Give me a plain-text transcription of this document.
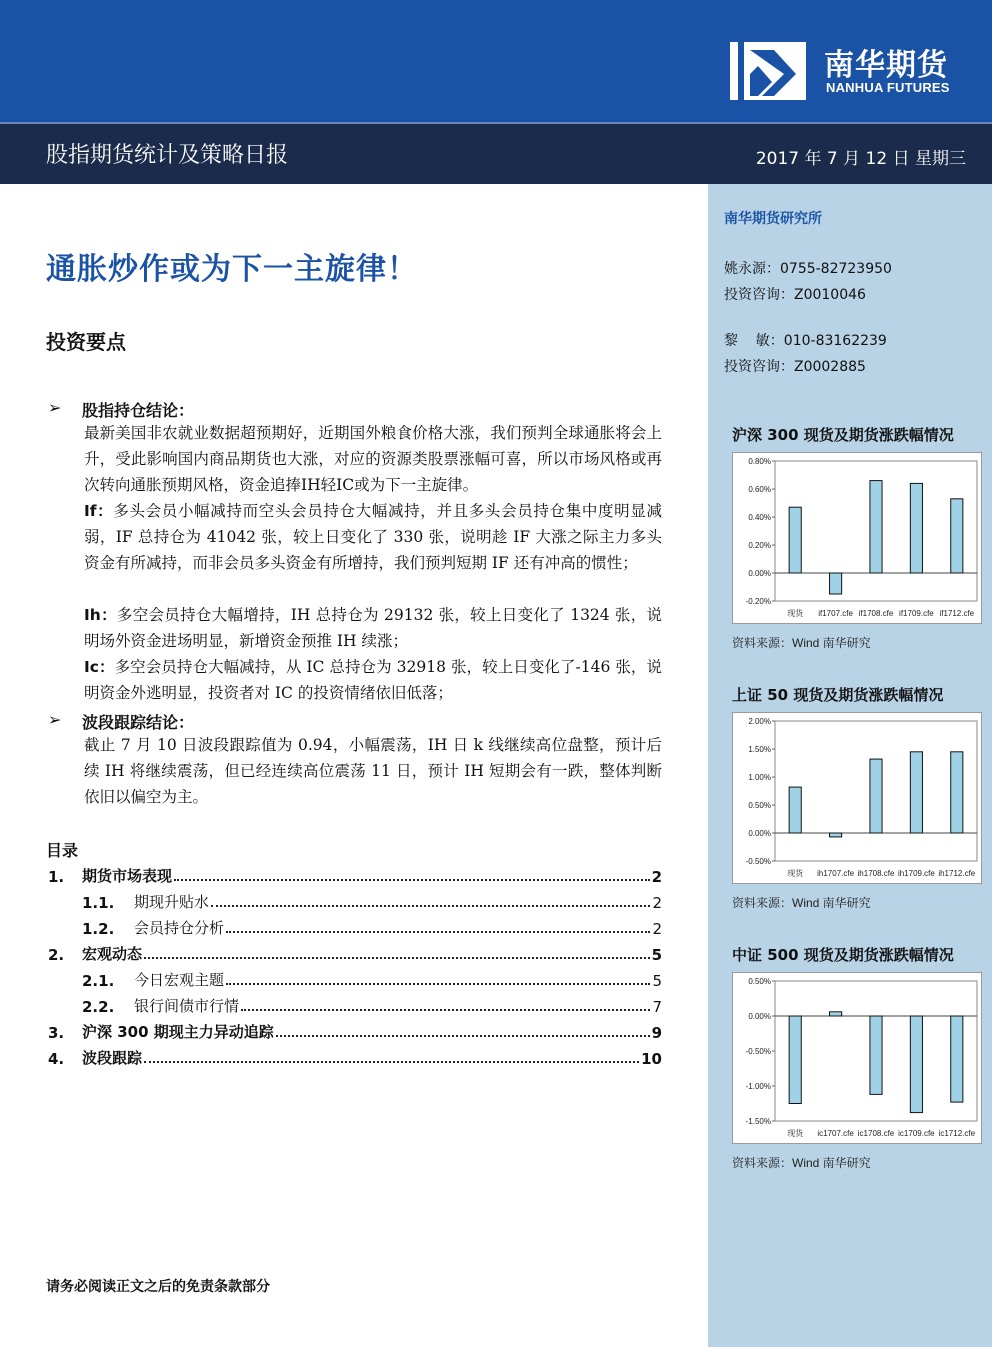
南华期货
NANHUA FUTURES
股指期货统计及策略日报	2017 年 7 月 12 日 星期三
南华期货研究所
姚永源：0755-82723950
投资咨询：Z0010046
黎    敏：010-83162239
投资咨询：Z0002885
沪深 300 现货及期货涨跌幅情况
-0.20%
0.00%
0.20%
0.40%
0.60%
0.80%
现货 if1707.cfe if1708.cfe if1709.cfe if1712.cfe
资料来源：Wind 南华研究
上证 50 现货及期货涨跌幅情况
-0.50%
0.00%
0.50%
1.00%
1.50%
2.00%
现货 ih1707.cfe ih1708.cfe ih1709.cfe ih1712.cfe
资料来源：Wind 南华研究
中证 500 现货及期货涨跌幅情况
-1.50%
-1.00%
-0.50%
0.00%
0.50%
现货 ic1707.cfe ic1708.cfe ic1709.cfe ic1712.cfe
资料来源：Wind 南华研究
通胀炒作或为下一主旋律！
投资要点
➢ 股指持仓结论：
最新美国非农就业数据超预期好，近期国外粮食价格大涨，我们预判全球通胀将会上升，受此影响国内商品期货也大涨，对应的资源类股票涨幅可喜，所以市场风格或再次转向通胀预期风格，资金追捧IH轻IC或为下一主旋律。
If：多头会员小幅减持而空头会员持仓大幅减持，并且多头会员持仓集中度明显减弱，IF 总持仓为 41042 张，较上日变化了 330 张，说明趁 IF 大涨之际主力多头资金有所减持，而非会员多头资金有所增持，我们预判短期 IF 还有冲高的惯性；
Ih：多空会员持仓大幅增持，IH 总持仓为 29132 张，较上日变化了 1324 张，说明场外资金进场明显，新增资金预推 IH 续涨；
Ic：多空会员持仓大幅减持，从 IC 总持仓为 32918 张，较上日变化了-146 张，说明资金外逃明显，投资者对 IC 的投资情绪依旧低落；
➢ 波段跟踪结论：
截止 7 月 10 日波段跟踪值为 0.94，小幅震荡，IH 日 k 线继续高位盘整，预计后续 IH 将继续震荡，但已经连续高位震荡 11 日，预计 IH 短期会有一跌，整体判断依旧以偏空为主。
目录
1.	期货市场表现	2
1.1.	期现升贴水	2
1.2.	会员持仓分析	2
2.	宏观动态	5
2.1.	今日宏观主题	5
2.2.	银行间债市行情	7
3.	沪深 300 期现主力异动追踪	9
4.	波段跟踪	10
请务必阅读正文之后的免责条款部分
